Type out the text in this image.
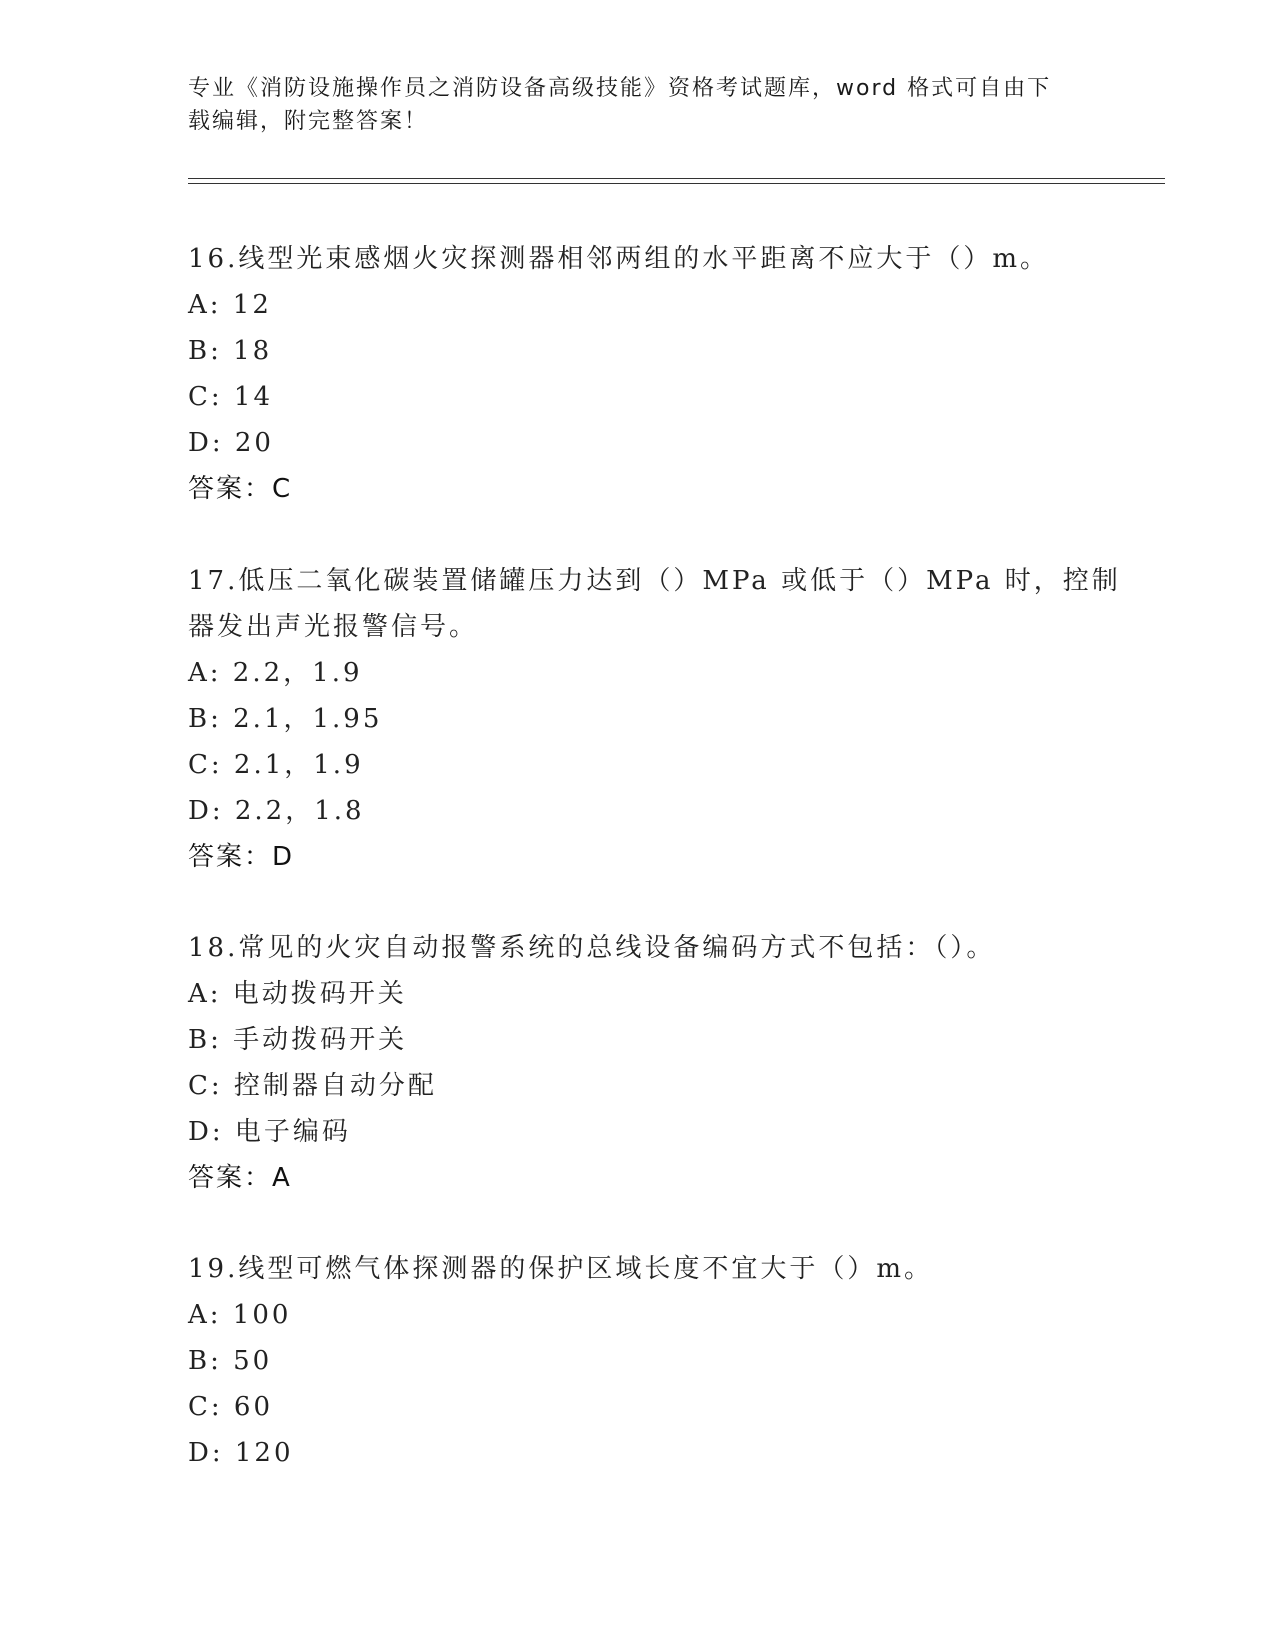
专业《消防设施操作员之消防设备高级技能》资格考试题库，word 格式可自由下
载编辑，附完整答案！
16.线型光束感烟火灾探测器相邻两组的水平距离不应大于（）m。
A: 12
B: 18
C: 14
D: 20
答案：C
17.低压二氧化碳装置储罐压力达到（）MPa 或低于（）MPa 时，控制
器发出声光报警信号。
A: 2.2，1.9
B: 2.1，1.95
C: 2.1，1.9
D: 2.2，1.8
答案：D
18.常见的火灾自动报警系统的总线设备编码方式不包括：（）。
A: 电动拨码开关
B: 手动拨码开关
C: 控制器自动分配
D: 电子编码
答案：A
19.线型可燃气体探测器的保护区域长度不宜大于（）m。
A: 100
B: 50
C: 60
D: 120
